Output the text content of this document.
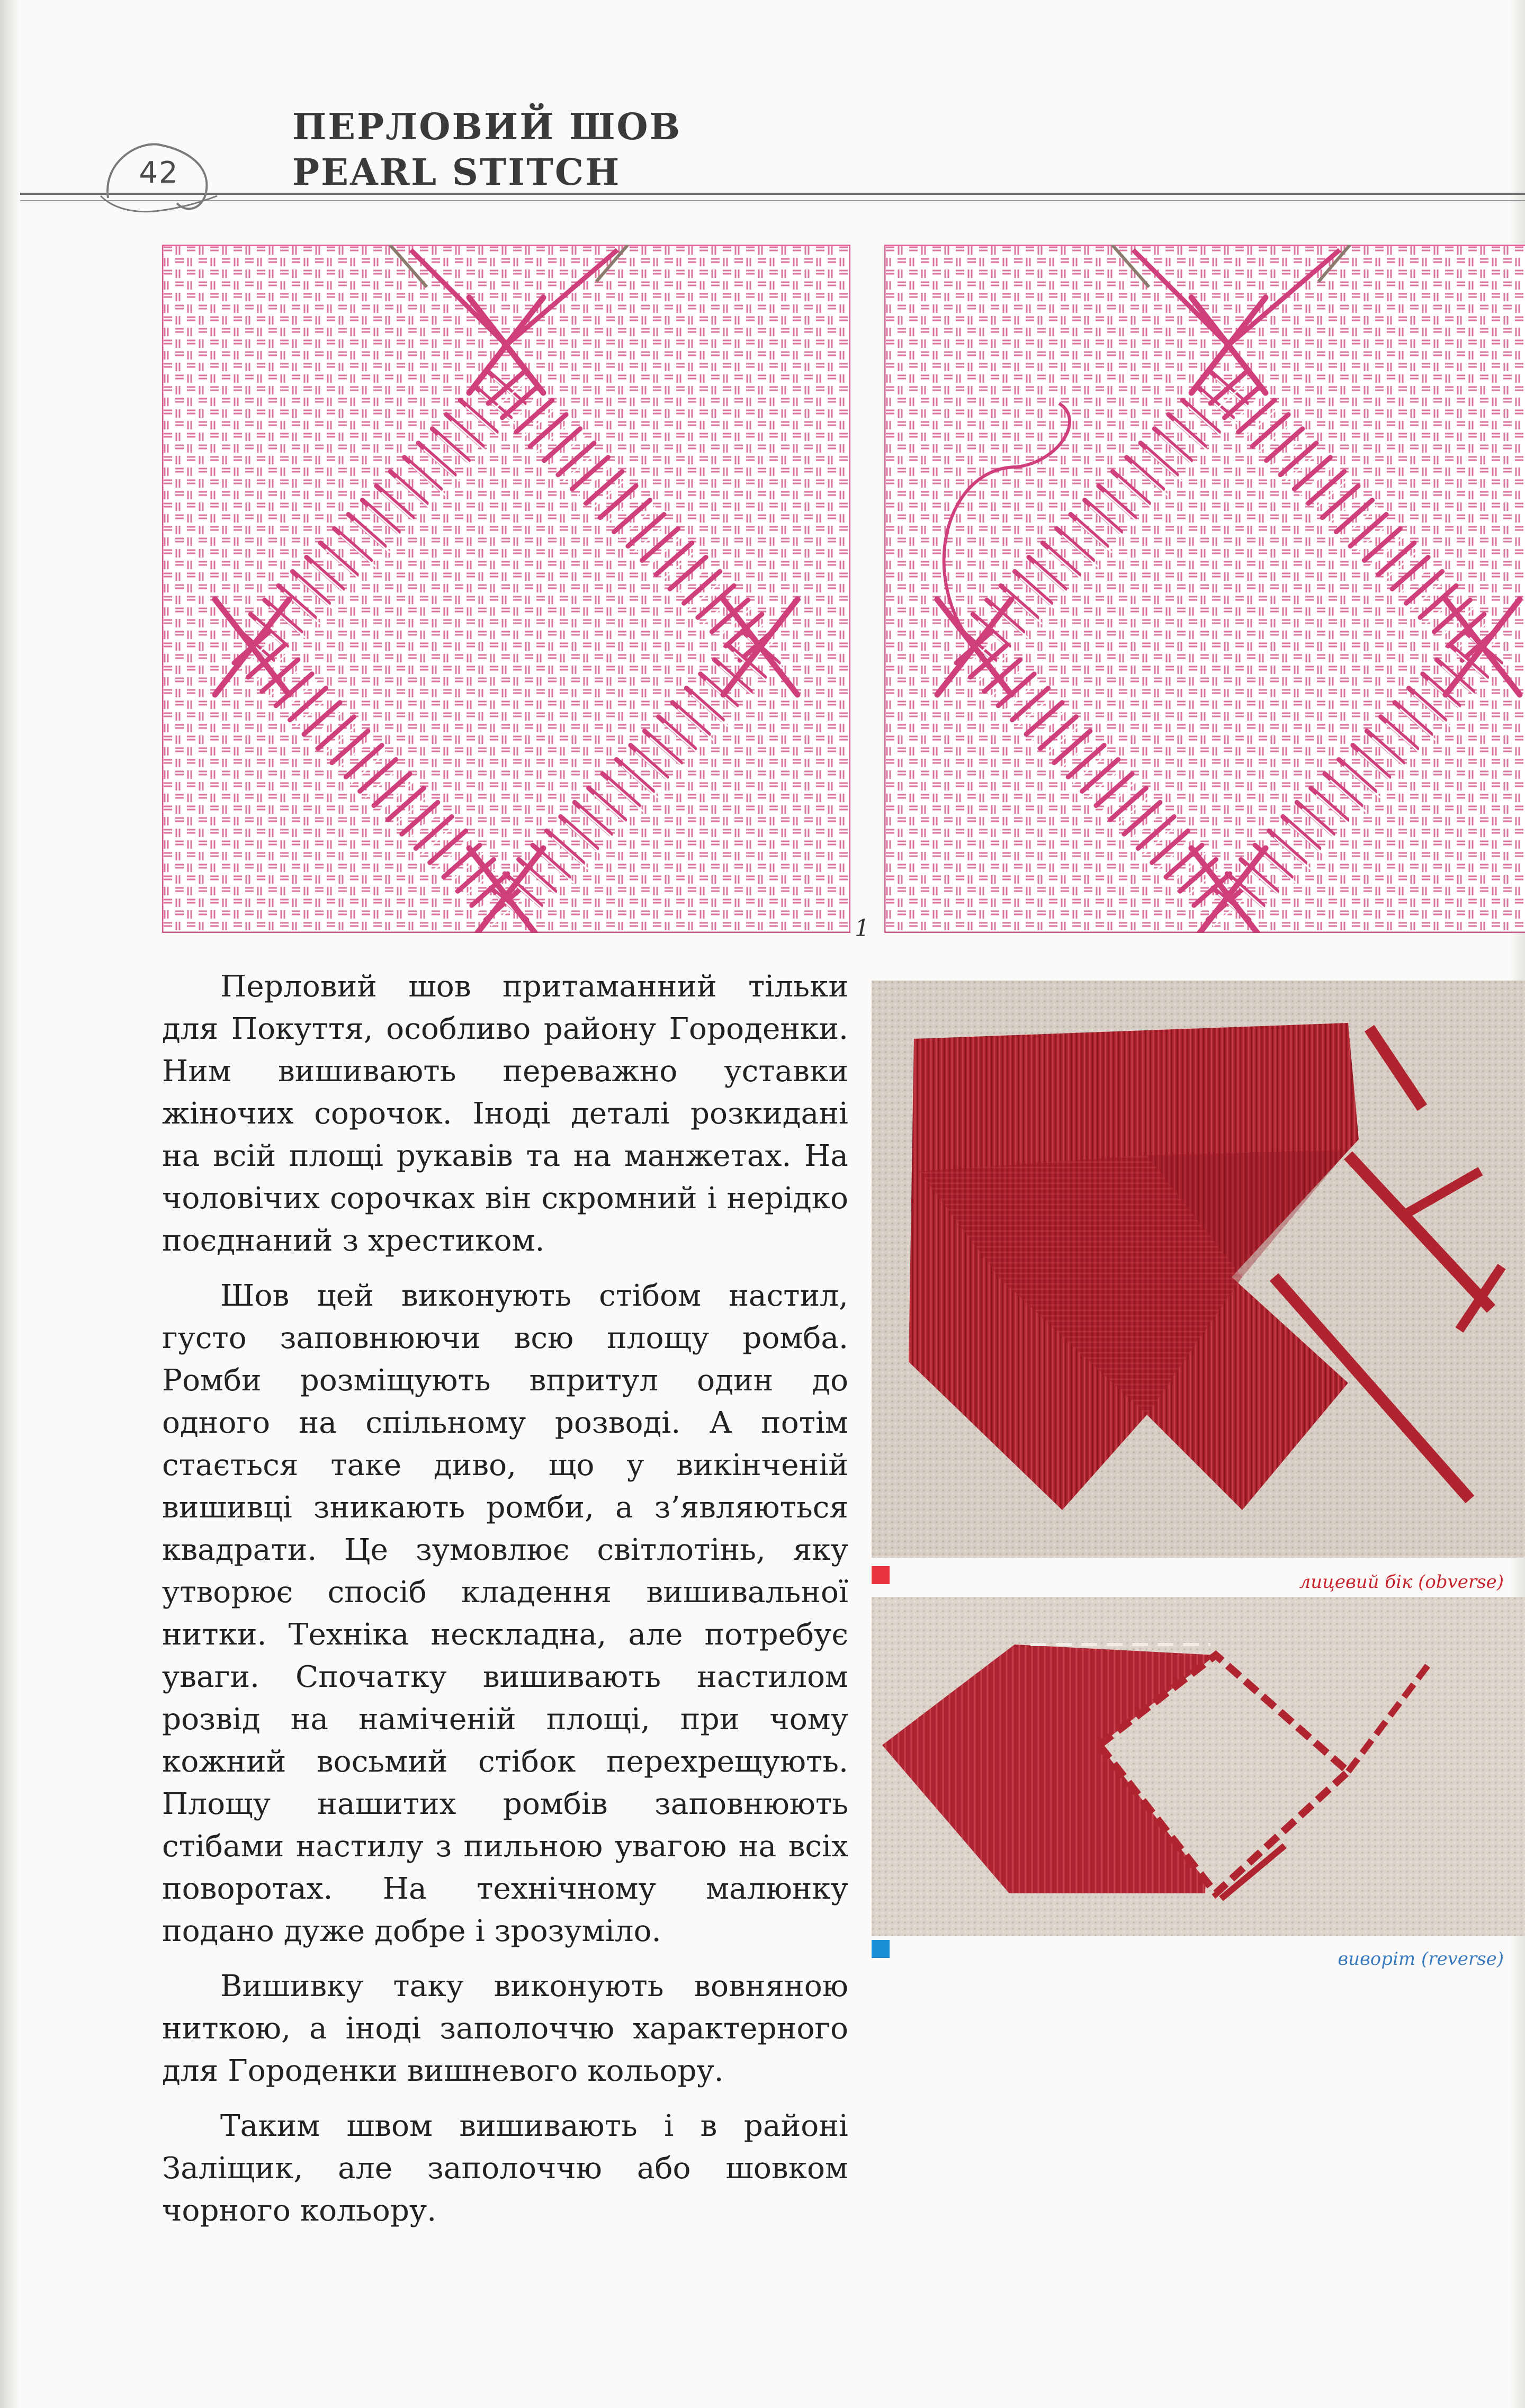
42
ПЕРЛОВИЙ ШОВ
PEARL STITCH
1

Перловий шов притаманний тільки для Покуття, особливо району Городенки. Ним вишивають переважно уставки жіночих сорочок. Іноді деталі розкидані на всій площі рукавів та на манжетах. На чоловічих сорочках він скромний і нерідко поєднаний з хрестиком.

Шов цей виконують стібом настил, густо заповнюючи всю площу ромба. Ромби розміщують впритул один до одного на спільному розводі. А потім стається таке диво, що у викінченій вишивці зникають ромби, а з’являються квадрати. Це зумовлює світлотінь, яку утворює спосіб кладення вишивальної нитки. Техніка нескладна, але потребує уваги. Спочатку вишивають настилом розвід на наміченій площі, при чому кожний восьмий стібок перехрещують. Площу нашитих ромбів заповнюють стібами настилу з пильною увагою на всіх поворотах. На технічному малюнку подано дуже добре і зрозуміло.

Вишивку таку виконують вовняною ниткою, а іноді заполоччю характерного для Городенки вишневого кольору.

Таким швом вишивають і в районі Заліщик, але заполоччю або шовком чорного кольору.

лицевий бік (obverse)
виворіт (reverse)
